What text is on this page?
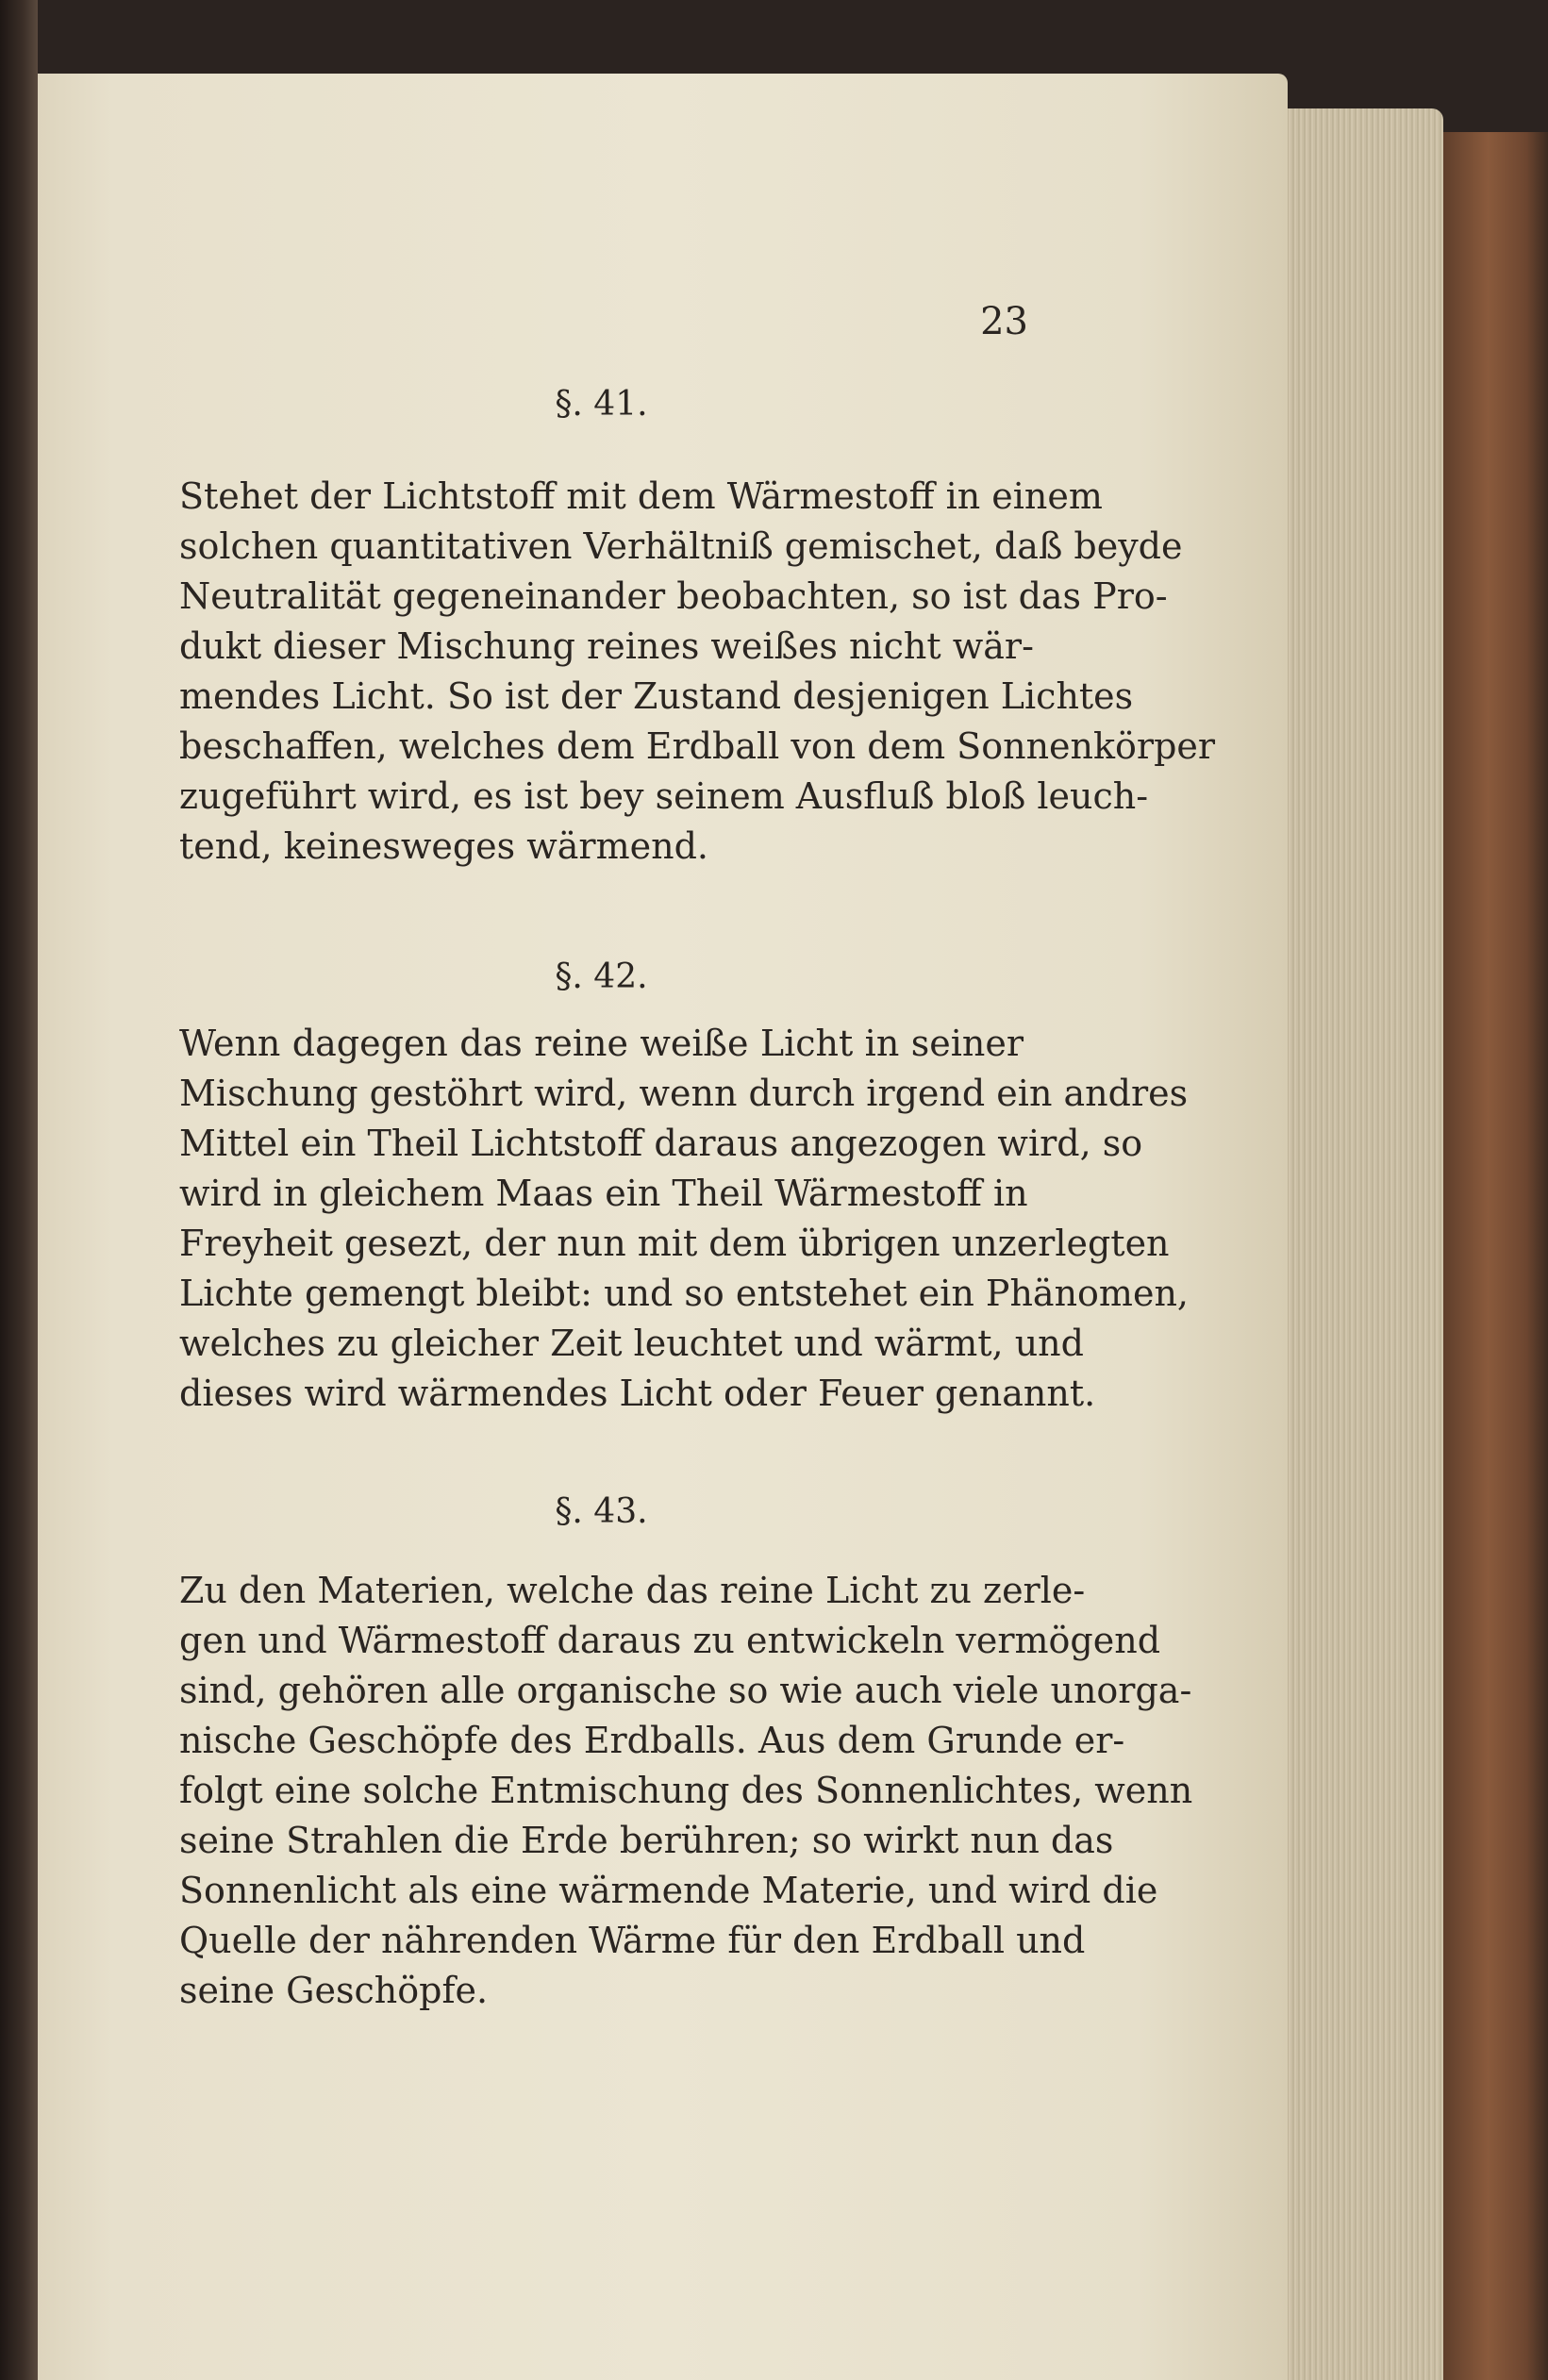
23
§. 41.
Stehet der Lichtstoff mit dem Wärmestoff in einem
solchen quantitativen Verhältniß gemischet, daß beyde
Neutralität gegeneinander beobachten, so ist das Pro-
dukt dieser Mischung reines weißes nicht wär-
mendes Licht. So ist der Zustand desjenigen Lichtes
beschaffen, welches dem Erdball von dem Sonnenkörper
zugeführt wird, es ist bey seinem Ausfluß bloß leuch-
tend, keinesweges wärmend.
§. 42.
Wenn dagegen das reine weiße Licht in seiner
Mischung gestöhrt wird, wenn durch irgend ein andres
Mittel ein Theil Lichtstoff daraus angezogen wird, so
wird in gleichem Maas ein Theil Wärmestoff in
Freyheit gesezt, der nun mit dem übrigen unzerlegten
Lichte gemengt bleibt: und so entstehet ein Phänomen,
welches zu gleicher Zeit leuchtet und wärmt, und
dieses wird wärmendes Licht oder Feuer genannt.
§. 43.
Zu den Materien, welche das reine Licht zu zerle-
gen und Wärmestoff daraus zu entwickeln vermögend
sind, gehören alle organische so wie auch viele unorga-
nische Geschöpfe des Erdballs. Aus dem Grunde er-
folgt eine solche Entmischung des Sonnenlichtes, wenn
seine Strahlen die Erde berühren; so wirkt nun das
Sonnenlicht als eine wärmende Materie, und wird die
Quelle der nährenden Wärme für den Erdball und
seine Geschöpfe.
